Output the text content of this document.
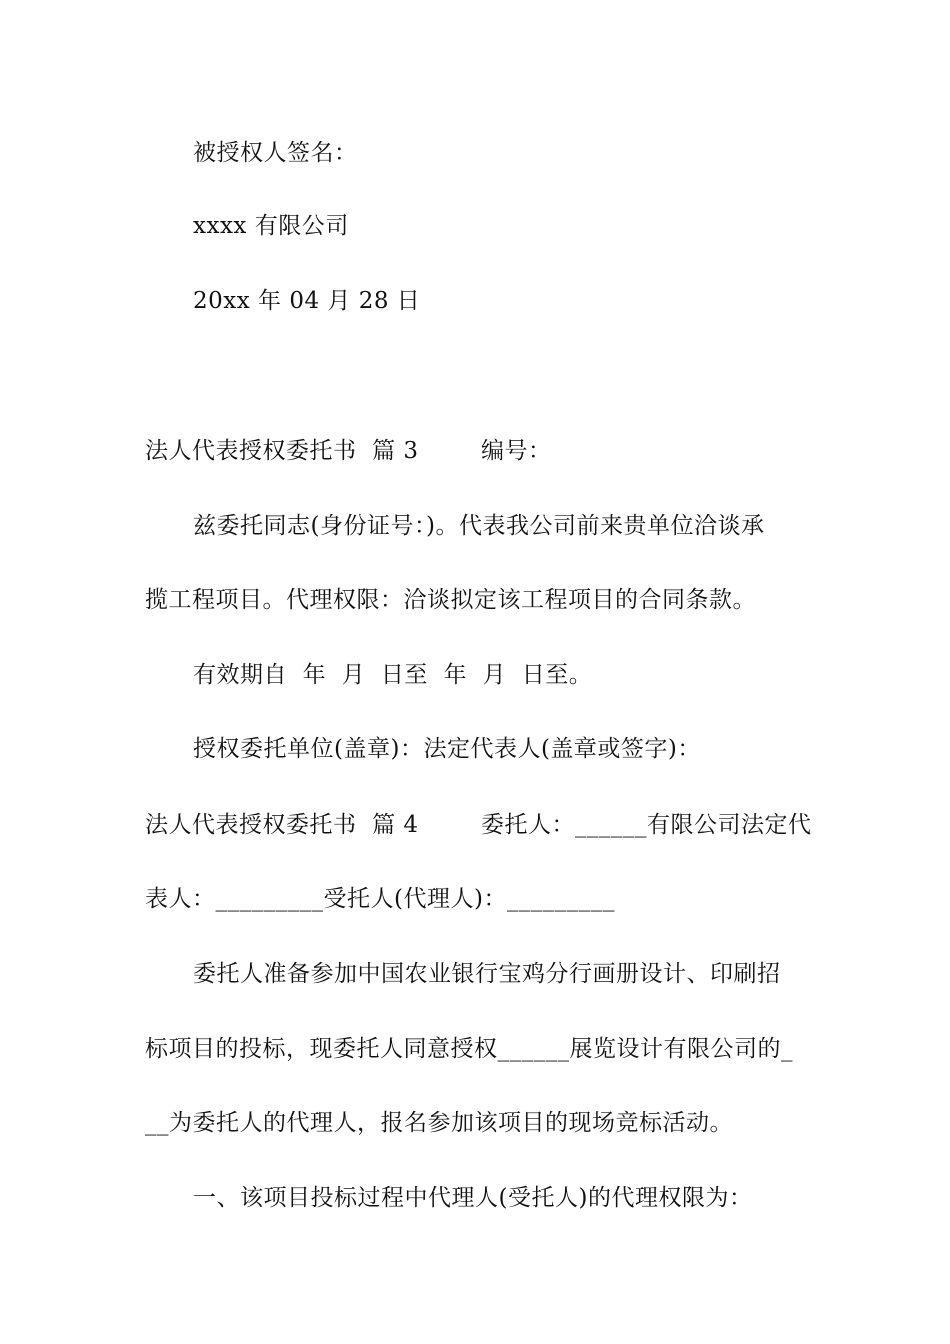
被授权人签名：
xxxx 有限公司
20xx 年 04 月 28 日
法人代表授权委托书  篇 3        编号：
兹委托同志(身份证号：)。代表我公司前来贵单位洽谈承
揽工程项目。代理权限：洽谈拟定该工程项目的合同条款。
有效期自  年  月  日至  年  月  日至。
授权委托单位(盖章)：法定代表人(盖章或签字)：
法人代表授权委托书  篇 4        委托人：______有限公司法定代
表人：_________受托人(代理人)：_________
委托人准备参加中国农业银行宝鸡分行画册设计、印刷招
标项目的投标，现委托人同意授权______展览设计有限公司的_
__为委托人的代理人，报名参加该项目的现场竞标活动。
一、该项目投标过程中代理人(受托人)的代理权限为：
